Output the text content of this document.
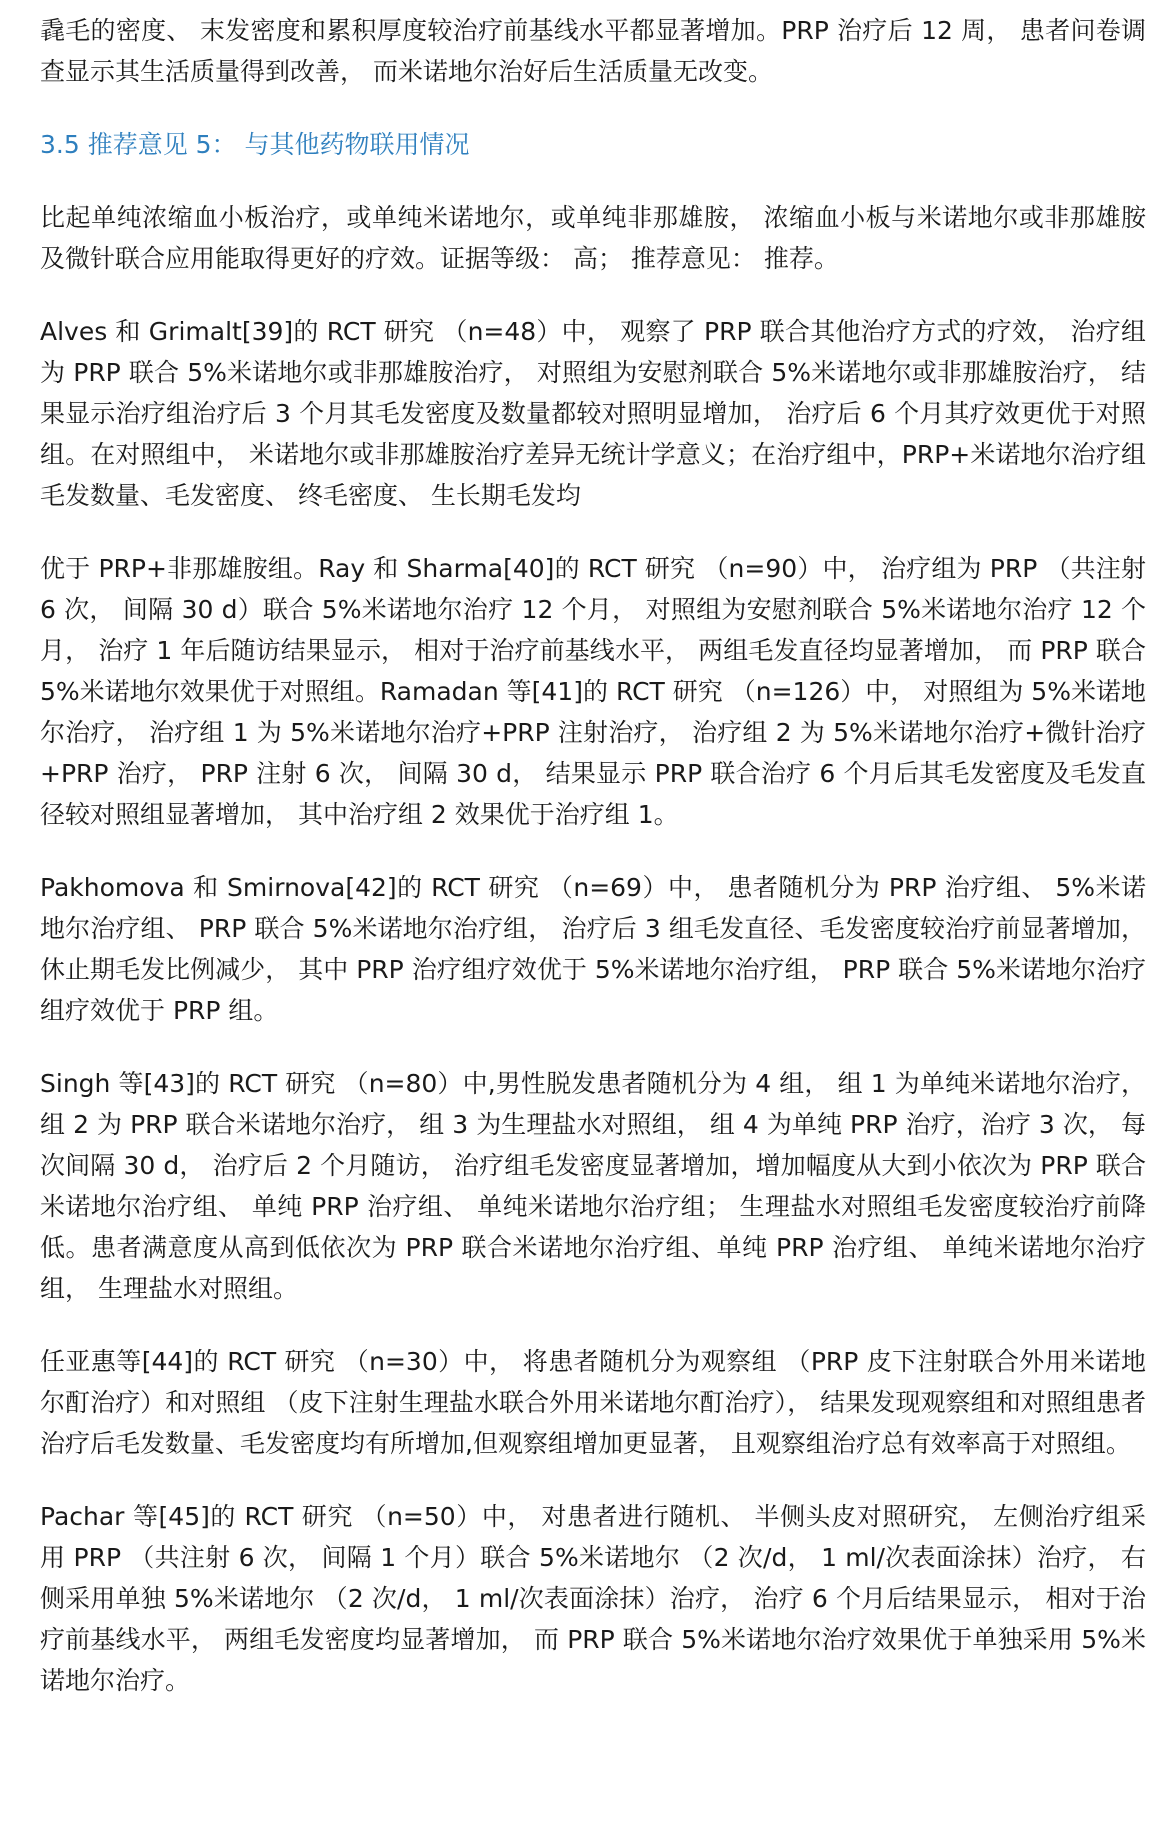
毳毛的密度、 末发密度和累积厚度较治疗前基线水平都显著增加。PRP 治疗后 12 周， 患者问卷调查显示其生活质量得到改善， 而米诺地尔治好后生活质量无改变。

3.5 推荐意见 5： 与其他药物联用情况

比起单纯浓缩血小板治疗，或单纯米诺地尔，或单纯非那雄胺， 浓缩血小板与米诺地尔或非那雄胺及微针联合应用能取得更好的疗效。证据等级： 高； 推荐意见： 推荐。

Alves 和 Grimalt[39]的 RCT 研究 （n=48）中， 观察了 PRP 联合其他治疗方式的疗效， 治疗组为 PRP 联合 5%米诺地尔或非那雄胺治疗， 对照组为安慰剂联合 5%米诺地尔或非那雄胺治疗， 结果显示治疗组治疗后 3 个月其毛发密度及数量都较对照明显增加， 治疗后 6 个月其疗效更优于对照组。在对照组中， 米诺地尔或非那雄胺治疗差异无统计学意义；在治疗组中，PRP+米诺地尔治疗组毛发数量、毛发密度、 终毛密度、 生长期毛发均

优于 PRP+非那雄胺组。Ray 和 Sharma[40]的 RCT 研究 （n=90）中， 治疗组为 PRP （共注射 6 次， 间隔 30 d）联合 5%米诺地尔治疗 12 个月， 对照组为安慰剂联合 5%米诺地尔治疗 12 个月， 治疗 1 年后随访结果显示， 相对于治疗前基线水平， 两组毛发直径均显著增加， 而 PRP 联合 5%米诺地尔效果优于对照组。Ramadan 等[41]的 RCT 研究 （n=126）中， 对照组为 5%米诺地尔治疗， 治疗组 1 为 5%米诺地尔治疗+PRP 注射治疗， 治疗组 2 为 5%米诺地尔治疗+微针治疗+PRP 治疗， PRP 注射 6 次， 间隔 30 d， 结果显示 PRP 联合治疗 6 个月后其毛发密度及毛发直径较对照组显著增加， 其中治疗组 2 效果优于治疗组 1。

Pakhomova 和 Smirnova[42]的 RCT 研究 （n=69）中， 患者随机分为 PRP 治疗组、 5%米诺地尔治疗组、 PRP 联合 5%米诺地尔治疗组， 治疗后 3 组毛发直径、毛发密度较治疗前显著增加， 休止期毛发比例减少， 其中 PRP 治疗组疗效优于 5%米诺地尔治疗组， PRP 联合 5%米诺地尔治疗组疗效优于 PRP 组。

Singh 等[43]的 RCT 研究 （n=80）中,男性脱发患者随机分为 4 组， 组 1 为单纯米诺地尔治疗， 组 2 为 PRP 联合米诺地尔治疗， 组 3 为生理盐水对照组， 组 4 为单纯 PRP 治疗，治疗 3 次， 每次间隔 30 d， 治疗后 2 个月随访， 治疗组毛发密度显著增加，增加幅度从大到小依次为 PRP 联合米诺地尔治疗组、 单纯 PRP 治疗组、 单纯米诺地尔治疗组； 生理盐水对照组毛发密度较治疗前降低。患者满意度从高到低依次为 PRP 联合米诺地尔治疗组、单纯 PRP 治疗组、 单纯米诺地尔治疗组， 生理盐水对照组。

任亚惠等[44]的 RCT 研究 （n=30）中， 将患者随机分为观察组 （PRP 皮下注射联合外用米诺地尔酊治疗）和对照组 （皮下注射生理盐水联合外用米诺地尔酊治疗）， 结果发现观察组和对照组患者治疗后毛发数量、毛发密度均有所增加,但观察组增加更显著， 且观察组治疗总有效率高于对照组。

Pachar 等[45]的 RCT 研究 （n=50）中， 对患者进行随机、 半侧头皮对照研究， 左侧治疗组采用 PRP （共注射 6 次， 间隔 1 个月）联合 5%米诺地尔 （2 次/d， 1 ml/次表面涂抹）治疗， 右侧采用单独 5%米诺地尔 （2 次/d， 1 ml/次表面涂抹）治疗， 治疗 6 个月后结果显示， 相对于治疗前基线水平， 两组毛发密度均显著增加， 而 PRP 联合 5%米诺地尔治疗效果优于单独采用 5%米诺地尔治疗。
